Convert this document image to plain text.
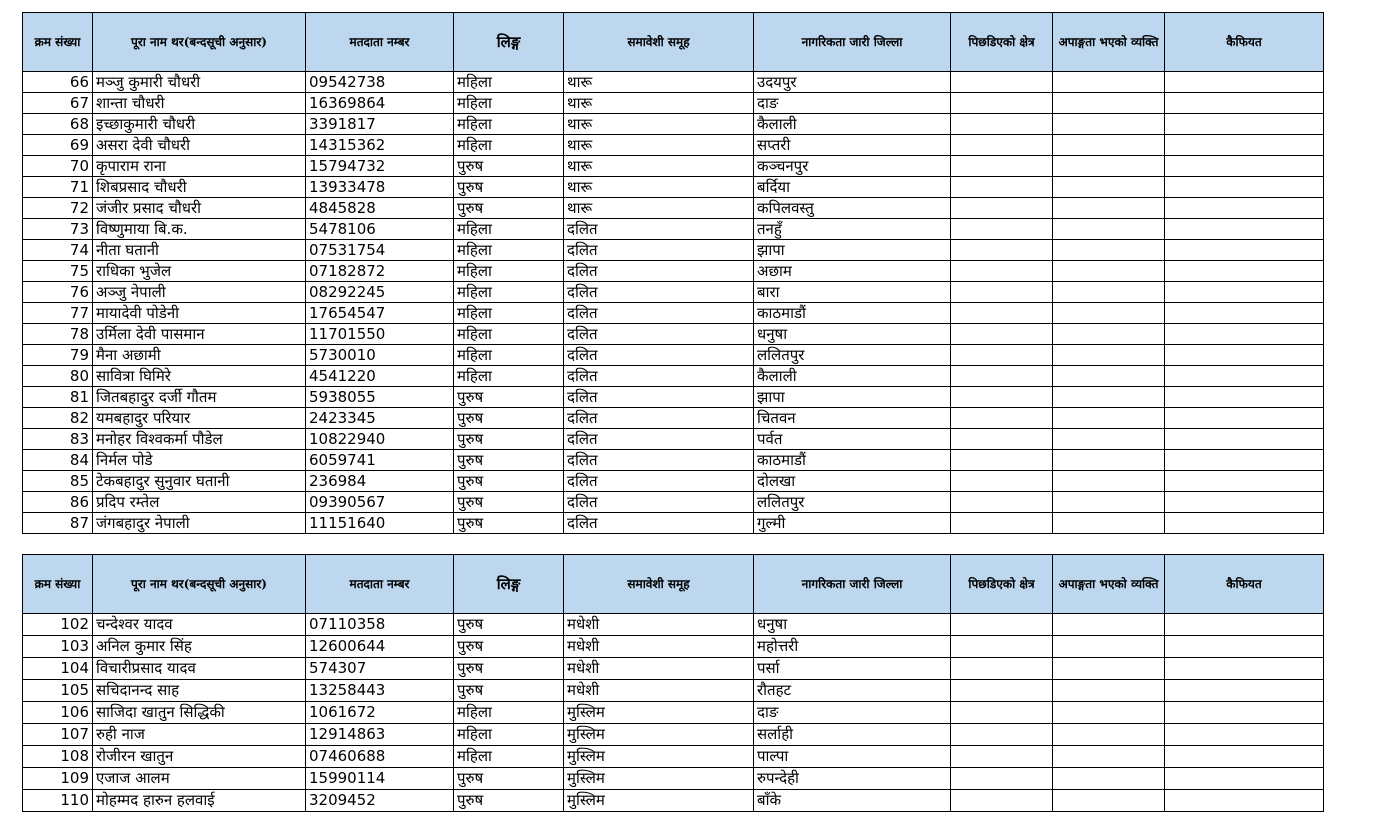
क्रम संख्या	पूरा नाम थर(बन्दसूची अनुसार)	मतदाता नम्बर	लिङ्ग	समावेशी समूह	नागरिकता जारी जिल्ला	पिछडिएको क्षेत्र	अपाङ्गता भएको व्यक्ति	कैफियत
66	मञ्जु कुमारी चौधरी	09542738	महिला	थारू	उदयपुर			
67	शान्ता चौधरी	16369864	महिला	थारू	दाङ			
68	इच्छाकुमारी चौधरी	3391817	महिला	थारू	कैलाली			
69	असरा देवी चौधरी	14315362	महिला	थारू	सप्तरी			
70	कृपाराम राना	15794732	पुरुष	थारू	कञ्चनपुर			
71	शिबप्रसाद चौधरी	13933478	पुरुष	थारू	बर्दिया			
72	जंजीर प्रसाद चौधरी	4845828	पुरुष	थारू	कपिलवस्तु			
73	विष्णुमाया बि.क.	5478106	महिला	दलित	तनहुँ			
74	नीता घतानी	07531754	महिला	दलित	झापा			
75	राधिका भुजेल	07182872	महिला	दलित	अछाम			
76	अञ्जु नेपाली	08292245	महिला	दलित	बारा			
77	मायादेवी पोडेनी	17654547	महिला	दलित	काठमाडौं			
78	उर्मिला देवी पासमान	11701550	महिला	दलित	धनुषा			
79	मैना अछामी	5730010	महिला	दलित	ललितपुर			
80	सावित्रा घिमिरे	4541220	महिला	दलित	कैलाली			
81	जितबहादुर दर्जी गौतम	5938055	पुरुष	दलित	झापा			
82	यमबहादुर परियार	2423345	पुरुष	दलित	चितवन			
83	मनोहर विश्वकर्मा पौडेल	10822940	पुरुष	दलित	पर्वत			
84	निर्मल पोडे	6059741	पुरुष	दलित	काठमाडौं			
85	टेकबहादुर सुनुवार घतानी	236984	पुरुष	दलित	दोलखा			
86	प्रदिप रम्तेल	09390567	पुरुष	दलित	ललितपुर			
87	जंगबहादुर नेपाली	11151640	पुरुष	दलित	गुल्मी			
क्रम संख्या	पूरा नाम थर(बन्दसूची अनुसार)	मतदाता नम्बर	लिङ्ग	समावेशी समूह	नागरिकता जारी जिल्ला	पिछडिएको क्षेत्र	अपाङ्गता भएको व्यक्ति	कैफियत
102	चन्देश्वर यादव	07110358	पुरुष	मधेशी	धनुषा			
103	अनिल कुमार सिंह	12600644	पुरुष	मधेशी	महोत्तरी			
104	विचारीप्रसाद यादव	574307	पुरुष	मधेशी	पर्सा			
105	सचिदानन्द साह	13258443	पुरुष	मधेशी	रौतहट			
106	साजिदा खातुन सिद्धिकी	1061672	महिला	मुस्लिम	दाङ			
107	रुही नाज	12914863	महिला	मुस्लिम	सर्लाही			
108	रोजीरन खातुन	07460688	महिला	मुस्लिम	पाल्पा			
109	एजाज आलम	15990114	पुरुष	मुस्लिम	रुपन्देही			
110	मोहम्मद हारुन हलवाई	3209452	पुरुष	मुस्लिम	बाँके			
